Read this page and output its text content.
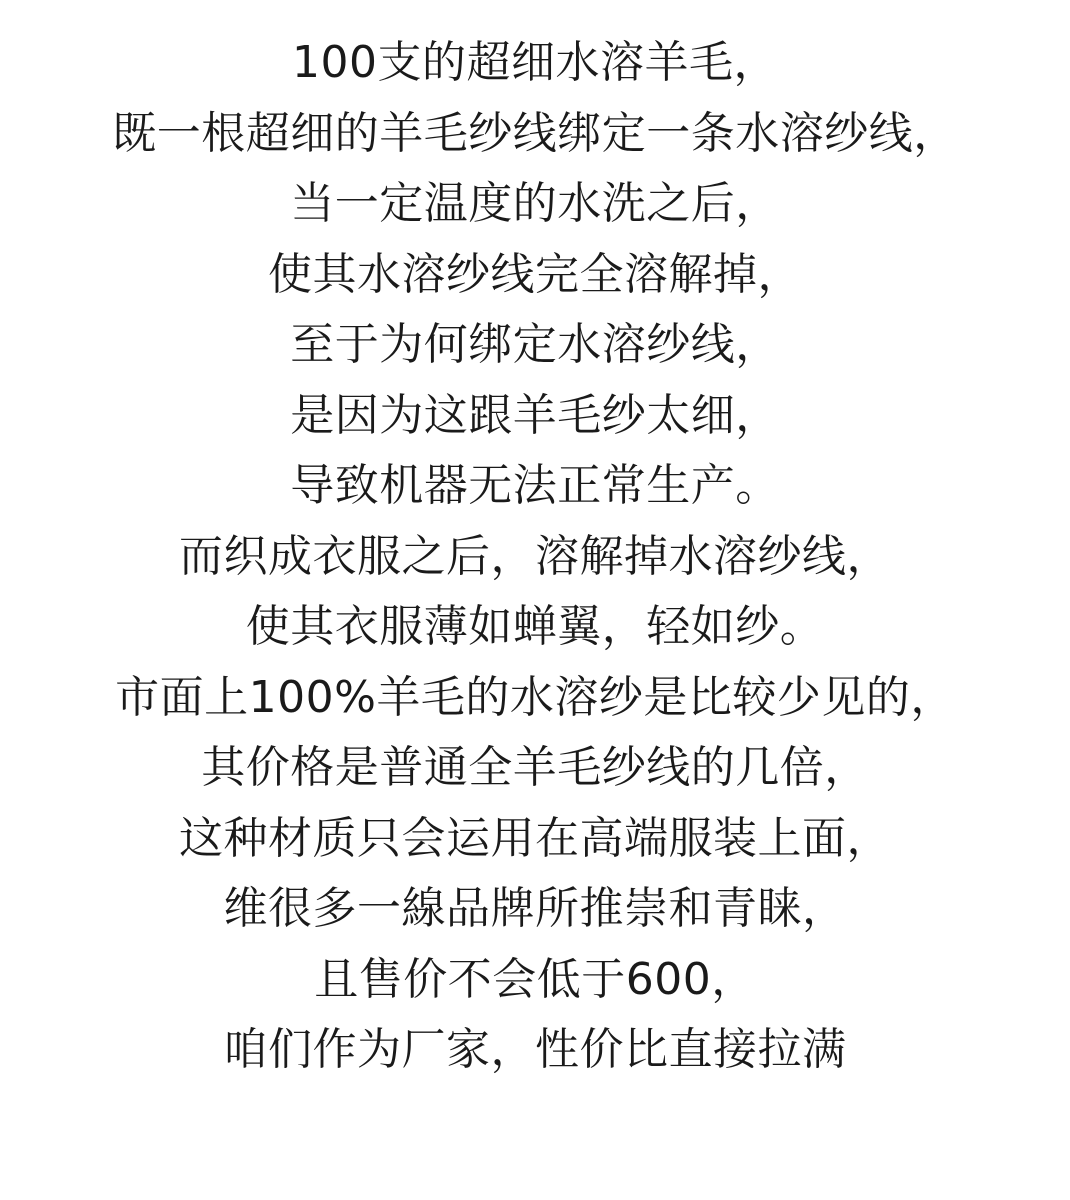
100支的超细水溶羊毛，
既一根超细的羊毛纱线绑定一条水溶纱线，
当一定温度的水洗之后，
使其水溶纱线完全溶解掉，
至于为何绑定水溶纱线，
是因为这跟羊毛纱太细，
导致机器无法正常生产。
而织成衣服之后，溶解掉水溶纱线，
使其衣服薄如蝉翼，轻如纱。
市面上100%羊毛的水溶纱是比较少见的，
其价格是普通全羊毛纱线的几倍，
这种材质只会运用在高端服装上面，
维很多一線品牌所推崇和青睐，
且售价不会低于600，
咱们作为厂家，性价比直接拉满
